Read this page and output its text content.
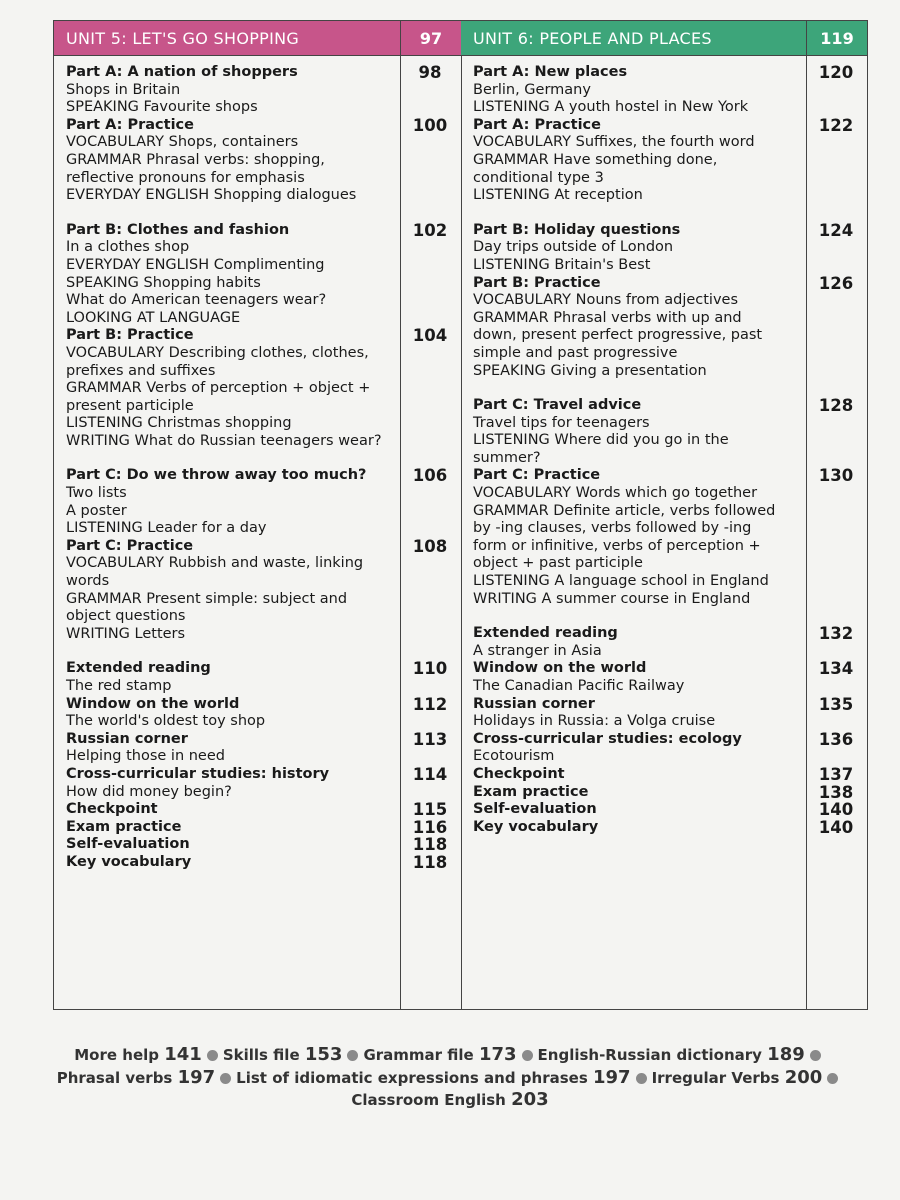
UNIT 5: LET'S GO SHOPPING	97
Part A: A nation of shoppers	98
Shops in Britain
SPEAKING Favourite shops
Part A: Practice	100
VOCABULARY Shops, containers
GRAMMAR Phrasal verbs: shopping, reflective pronouns for emphasis
EVERYDAY ENGLISH Shopping dialogues
Part B: Clothes and fashion	102
In a clothes shop
EVERYDAY ENGLISH Complimenting
SPEAKING Shopping habits
What do American teenagers wear?
LOOKING AT LANGUAGE
Part B: Practice	104
VOCABULARY Describing clothes, clothes, prefixes and suffixes
GRAMMAR Verbs of perception + object + present participle
LISTENING Christmas shopping
WRITING What do Russian teenagers wear?
Part C: Do we throw away too much?	106
Two lists
A poster
LISTENING Leader for a day
Part C: Practice	108
VOCABULARY Rubbish and waste, linking words
GRAMMAR Present simple: subject and object questions
WRITING Letters
Extended reading	110
The red stamp
Window on the world	112
The world's oldest toy shop
Russian corner	113
Helping those in need
Cross-curricular studies: history	114
How did money begin?
Checkpoint	115
Exam practice	116
Self-evaluation	118
Key vocabulary	118
UNIT 6: PEOPLE AND PLACES	119
Part A: New places	120
Berlin, Germany
LISTENING A youth hostel in New York
Part A: Practice	122
VOCABULARY Suffixes, the fourth word
GRAMMAR Have something done, conditional type 3
LISTENING At reception
Part B: Holiday questions	124
Day trips outside of London
LISTENING Britain's Best
Part B: Practice	126
VOCABULARY Nouns from adjectives
GRAMMAR Phrasal verbs with up and down, present perfect progressive, past simple and past progressive
SPEAKING Giving a presentation
Part C: Travel advice	128
Travel tips for teenagers
LISTENING Where did you go in the summer?
Part C: Practice	130
VOCABULARY Words which go together
GRAMMAR Definite article, verbs followed by -ing clauses, verbs followed by -ing form or infinitive, verbs of perception + object + past participle
LISTENING A language school in England
WRITING A summer course in England
Extended reading	132
A stranger in Asia
Window on the world	134
The Canadian Pacific Railway
Russian corner	135
Holidays in Russia: a Volga cruise
Cross-curricular studies: ecology	136
Ecotourism
Checkpoint	137
Exam practice	138
Self-evaluation	140
Key vocabulary	140
More help 141 Skills file 153 Grammar file 173 English-Russian dictionary 189
Phrasal verbs 197 List of idiomatic expressions and phrases 197 Irregular Verbs 200
Classroom English 203
